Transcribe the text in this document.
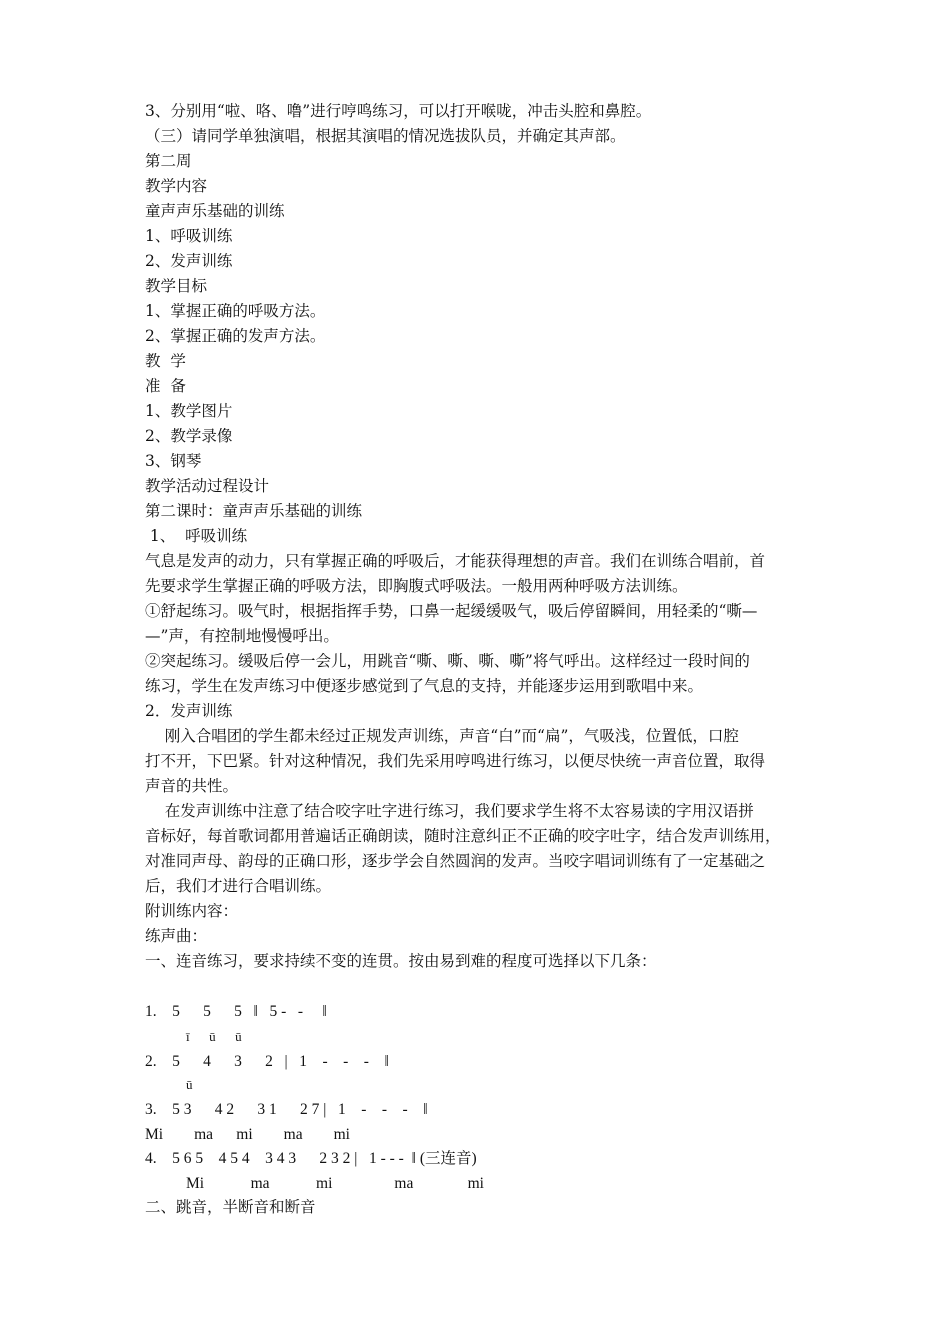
3、分别用“啦、咯、噜”进行哼鸣练习，可以打开喉咙，冲击头腔和鼻腔。
（三）请同学单独演唱，根据其演唱的情况选拔队员，并确定其声部。
第二周
教学内容
童声声乐基础的训练
1、呼吸训练
2、发声训练
教学目标
1、掌握正确的呼吸方法。
2、掌握正确的发声方法。
教  学
准  备
1、教学图片
2、教学录像
3、钢琴
教学活动过程设计
第二课时：童声声乐基础的训练
1、  呼吸训练
气息是发声的动力，只有掌握正确的呼吸后，才能获得理想的声音。我们在训练合唱前，首
先要求学生掌握正确的呼吸方法，即胸腹式呼吸法。一般用两种呼吸方法训练。
①舒起练习。吸气时，根据指挥手势，口鼻一起缓缓吸气，吸后停留瞬间，用轻柔的“嘶—
—”声，有控制地慢慢呼出。
②突起练习。缓吸后停一会儿，用跳音“嘶、嘶、嘶、嘶”将气呼出。这样经过一段时间的
练习，学生在发声练习中便逐步感觉到了气息的支持，并能逐步运用到歌唱中来。
2．发声训练
刚入合唱团的学生都未经过正规发声训练，声音“白”而“扁”，气吸浅，位置低，口腔
打不开，下巴紧。针对这种情况，我们先采用哼鸣进行练习，以便尽快统一声音位置，取得
声音的共性。
在发声训练中注意了结合咬字吐字进行练习，我们要求学生将不太容易读的字用汉语拼
音标好，每首歌词都用普遍话正确朗读，随时注意纠正不正确的咬字吐字，结合发声训练用，
对准同声母、韵母的正确口形，逐步学会自然圆润的发声。当咬字唱词训练有了一定基础之
后，我们才进行合唱训练。
附训练内容：
练声曲：
一、连音练习，要求持续不变的连贯。按由易到难的程度可选择以下几条：
1.    5      5      5   ‖   5 -   -     ‖
ī      ū      ū
2.    5      4      3      2   |   1    -    -    -    ‖
ū
3.    5 3      4 2      3 1      2 7 |   1    -    -    -    ‖
Mi        ma      mi        ma        mi
4.    5 6 5    4 5 4    3 4 3      2 3 2 |   1 - - -  ‖ (三连音)
Mi            ma            mi                ma              mi
二、跳音，半断音和断音
